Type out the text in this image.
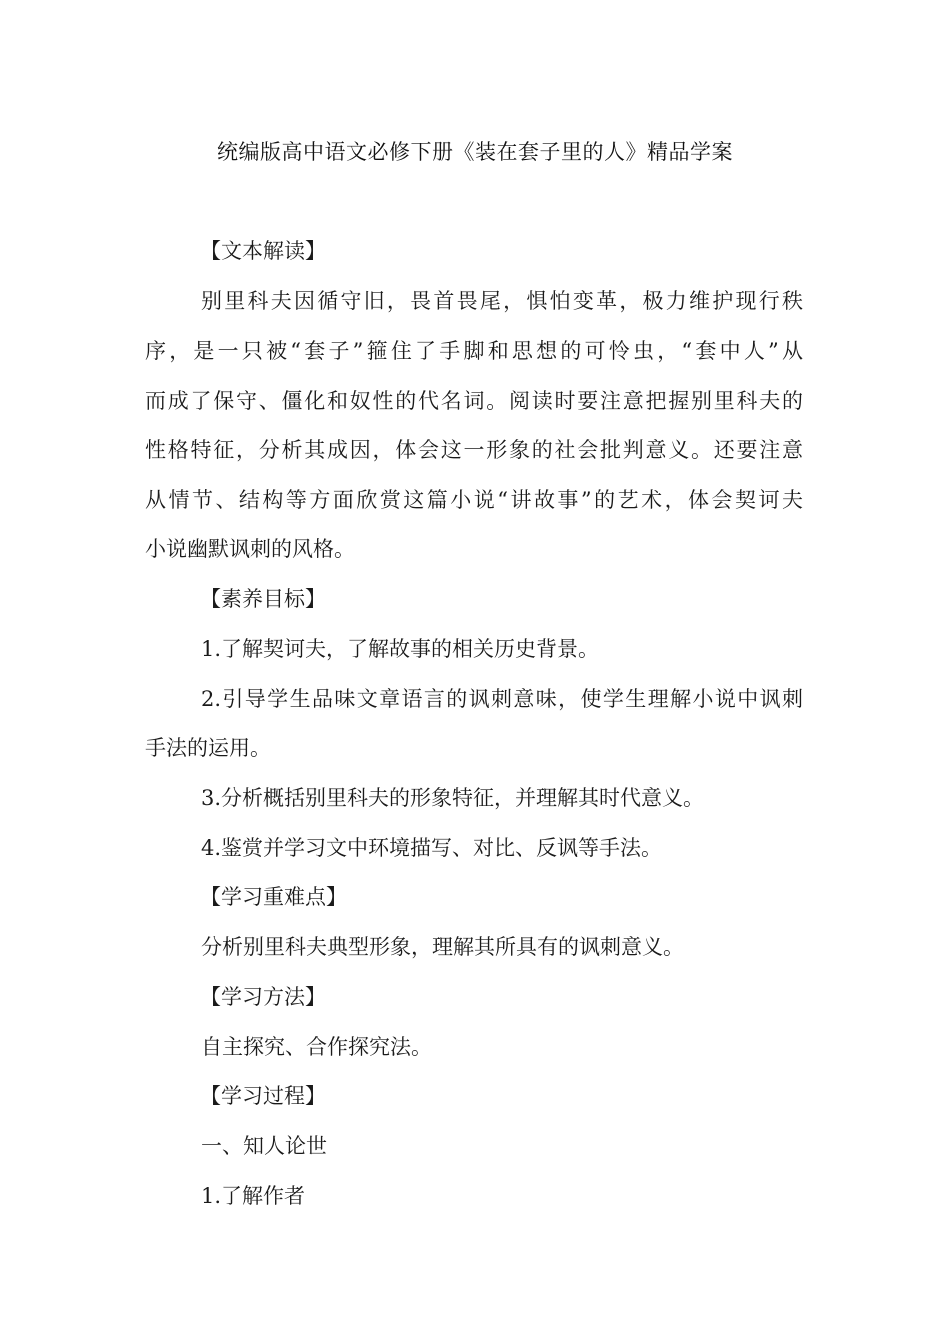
统编版高中语文必修下册《装在套子里的人》精品学案
【文本解读】
别里科夫因循守旧，畏首畏尾，惧怕变革，极力维护现行秩
序，是一只被“套子”箍住了手脚和思想的可怜虫，“套中人”从
而成了保守、僵化和奴性的代名词。阅读时要注意把握别里科夫的
性格特征，分析其成因，体会这一形象的社会批判意义。还要注意
从情节、结构等方面欣赏这篇小说“讲故事”的艺术，体会契诃夫
小说幽默讽刺的风格。
【素养目标】
1.了解契诃夫，了解故事的相关历史背景。
2.引导学生品味文章语言的讽刺意味，使学生理解小说中讽刺
手法的运用。
3.分析概括别里科夫的形象特征，并理解其时代意义。
4.鉴赏并学习文中环境描写、对比、反讽等手法。
【学习重难点】
分析别里科夫典型形象，理解其所具有的讽刺意义。
【学习方法】
自主探究、合作探究法。
【学习过程】
一、知人论世
1.了解作者
